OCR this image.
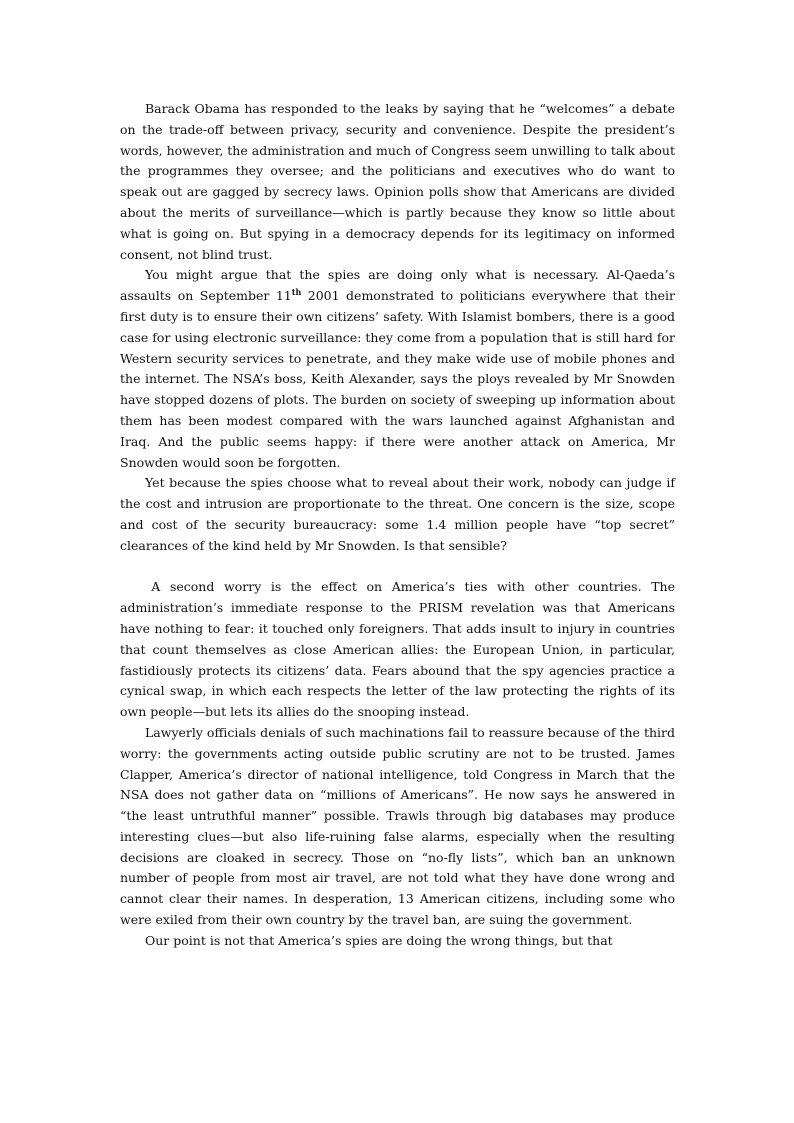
Barack Obama has responded to the leaks by saying that he “welcomes” a debate on the trade-off between privacy, security and convenience. Despite the president’s words, however, the administration and much of Congress seem unwilling to talk about the programmes they oversee; and the politicians and executives who do want to speak out are gagged by secrecy laws. Opinion polls show that Americans are divided about the merits of surveillance—which is partly because they know so little about what is going on. But spying in a democracy depends for its legitimacy on informed consent, not blind trust.

You might argue that the spies are doing only what is necessary. Al-Qaeda’s assaults on September 11th 2001 demonstrated to politicians everywhere that their first duty is to ensure their own citizens’ safety. With Islamist bombers, there is a good case for using electronic surveillance: they come from a population that is still hard for Western security services to penetrate, and they make wide use of mobile phones and the internet. The NSA’s boss, Keith Alexander, says the ploys revealed by Mr Snowden have stopped dozens of plots. The burden on society of sweeping up information about them has been modest compared with the wars launched against Afghanistan and Iraq. And the public seems happy: if there were another attack on America, Mr Snowden would soon be forgotten.

Yet because the spies choose what to reveal about their work, nobody can judge if the cost and intrusion are proportionate to the threat. One concern is the size, scope and cost of the security bureaucracy: some 1.4 million people have “top secret” clearances of the kind held by Mr Snowden. Is that sensible?

A second worry is the effect on America’s ties with other countries. The administration’s immediate response to the PRISM revelation was that Americans have nothing to fear: it touched only foreigners. That adds insult to injury in countries that count themselves as close American allies: the European Union, in particular, fastidiously protects its citizens’ data. Fears abound that the spy agencies practice a cynical swap, in which each respects the letter of the law protecting the rights of its own people—but lets its allies do the snooping instead.

Lawyerly officials denials of such machinations fail to reassure because of the third worry: the governments acting outside public scrutiny are not to be trusted. James Clapper, America’s director of national intelligence, told Congress in March that the NSA does not gather data on “millions of Americans”. He now says he answered in “the least untruthful manner” possible. Trawls through big databases may produce interesting clues—but also life-ruining false alarms, especially when the resulting decisions are cloaked in secrecy. Those on “no-fly lists”, which ban an unknown number of people from most air travel, are not told what they have done wrong and cannot clear their names. In desperation, 13 American citizens, including some who were exiled from their own country by the travel ban, are suing the government.

Our point is not that America’s spies are doing the wrong things, but that
